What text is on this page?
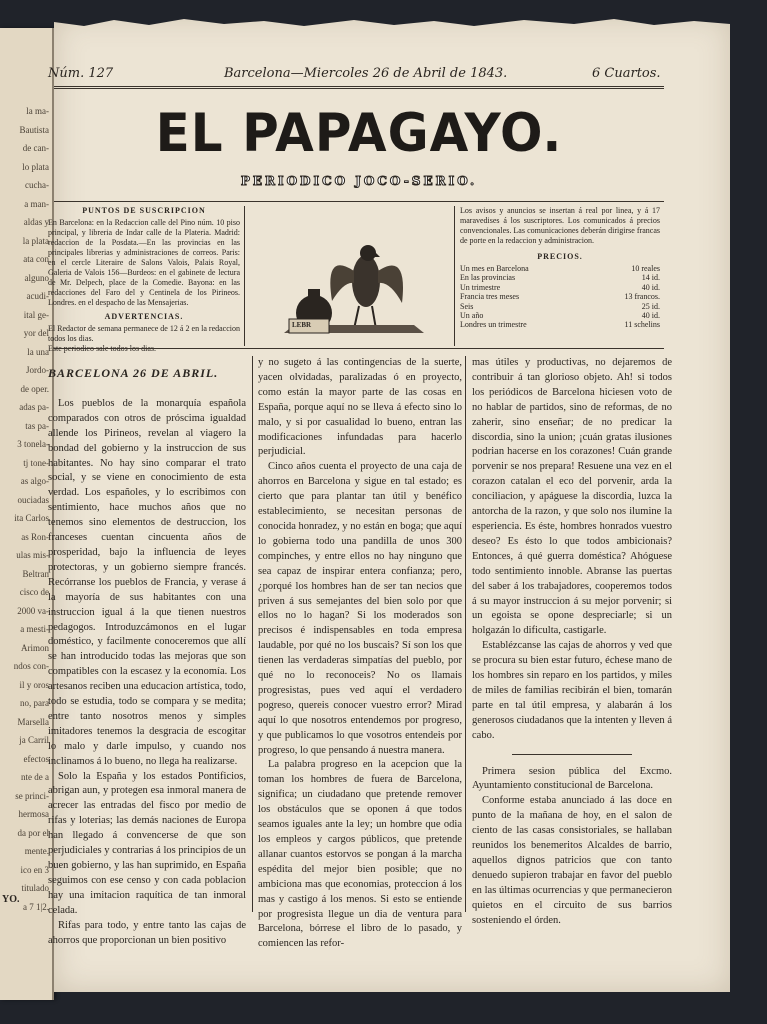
la ma-
Bautista
de can-
lo plata
cucha-
a man-
aldas y
la plata
ata con
alguno
acudi-
ital ge-
yor del
la una
Jordo-
de oper.
adas pa-
tas pa-
3 tonela-
tj tone-
as algo-
ouciadas
ita Carlos
as Ron-
ulas mis-
Beltran
cisco de
2000 va-
a mesti-
Arimon
ndos con-
il y oros
no, para
Marsella
ja Carril
efectos
nte de a
se princi-
hermosa
da por el
mente.
ico en 3
titulado
a 7 1|2.
YO.
Núm. 127	Barcelona—Miercoles 26 de Abril de 1843.	6 Cuartos.
EL PAPAGAYO.
PERIODICO JOCO-SERIO.
PUNTOS DE SUSCRIPCION

En Barcelona: en la Redaccion calle del Pino núm. 10 piso principal, y libreria de Indar calle de la Plateria. Madrid: redaccion de la Posdata.—En las provincias en las principales librerias y administraciones de correos. Paris: en el cercle Literaire de Salons Valois, Palais Royal, Galeria de Valois 156—Burdeos: en el gabinete de lectura de Mr. Delpech, place de la Comedie. Bayona: en las redacciones del Faro del y Centinela de los Pirineos. Londres. en el despacho de las Mensajerias.

ADVERTENCIAS.

El Redactor de semana permanece de 12 á 2 en la redaccion todos los dias.

Este periodico sale todos los dias.

LEBR

Los avisos y anuncios se insertan á real por linea, y á 17 maravedises á los suscriptores. Los comunicados á precios convencionales. Las comunicaciones deberán dirigirse francas de porte en la redaccion y administracion.

PRECIOS.
Un mes en Barcelona	10 reales
En las provincias	14 id.
Un trimestre	40 id.
Francia tres meses	13 francos.
Seis	25 id.
Un año	40 id.
Londres un trimestre	11 schelins
BARCELONA 26 DE ABRIL.

Los pueblos de la monarquía española comparados con otros de próscima igualdad allende los Pirineos, revelan al viagero la bondad del gobierno y la instruccion de sus habitantes. No hay sino comparar el trato social, y se viene en conocimiento de esta verdad. Los españoles, y lo escribimos con sentimiento, hace muchos años que no tenemos sino elementos de destruccion, los franceses cuentan cincuenta años de prosperidad, bajo la influencia de leyes protectoras, y un gobierno siempre francés. Recórranse los pueblos de Francia, y verase á la mayoría de sus habitantes con una instruccion igual á la que tienen nuestros pedagogos. Introduzcámonos en el lugar doméstico, y facilmente conoceremos que allí se han introducido todas las mejoras que son compatibles con la escasez y la economía. Los artesanos reciben una educacion artística, todo, todo se estudia, todo se compara y se medita; entre tanto nosotros menos y simples imitadores tenemos la desgracia de escogitar lo malo y darle impulso, y cuando nos inclinamos á lo bueno, no llega ha realizarse.

Solo la España y los estados Pontificios, abrigan aun, y protegen esa inmoral manera de acrecer las entradas del fisco por medio de rifas y loterias; las demás naciones de Europa han llegado á convencerse de que son perjudiciales y contrarias á los principios de un buen gobierno, y las han suprimido, en España seguimos con ese censo y con cada poblacion hay una imitacion raquítica de tan inmoral celada.

Rifas para todo, y entre tanto las cajas de ahorros que proporcionan un bien positivo

y no sugeto á las contingencias de la suerte, yacen olvidadas, paralizadas ó en proyecto, como están la mayor parte de las cosas en España, porque aquí no se lleva á efecto sino lo malo, y si por casualidad lo bueno, entran las modificaciones infundadas para hacerlo perjudicial.

Cinco años cuenta el proyecto de una caja de ahorros en Barcelona y sigue en tal estado; es cierto que para plantar tan útil y benéfico establecimiento, se necesitan personas de conocida honradez, y no están en boga; que aquí lo gobierna todo una pandilla de unos 300 compinches, y entre ellos no hay ninguno que sea capaz de inspirar entera confianza; pero, ¿porqué los hombres han de ser tan necios que priven á sus semejantes del bien solo por que ellos no lo hagan? Si los moderados son precisos é indispensables en toda empresa laudable, por qué no los buscais? Sí son los que tienen las verdaderas simpatías del pueblo, por qué no lo reconoceis? No os llamais progresistas, pues ved aquí el verdadero pogreso, quereis conocer vuestro error? Mirad aquí lo que nosotros entendemos por progreso, y que publicamos lo que vosotros entendeis por progreso, lo que pensando á nuestra manera.

La palabra progreso en la acepcion que la toman los hombres de fuera de Barcelona, significa; un ciudadano que pretende remover los obstáculos que se oponen á que todos seamos iguales ante la ley; un hombre que odia los empleos y cargos públicos, que pretende allanar cuantos estorvos se pongan á la marcha espédita del mejor bien posible; que no ambiciona mas que economias, proteccion á los mas y castigo á los menos. Si esto se entiende por progresista llegue un dia de ventura para Barcelona, bórrese el libro de lo pasado, y comiencen las refor-

mas útiles y productivas, no dejaremos de contribuir á tan glorioso objeto. Ah! si todos los periódicos de Barcelona hiciesen voto de no hablar de partidos, sino de reformas, de no zaherir, sino enseñar; de no predicar la discordia, sino la union; ¡cuán gratas ilusiones podrian hacerse en los corazones! Cuán grande porvenir se nos prepara! Resuene una vez en el corazon catalan el eco del porvenir, arda la conciliacion, y apáguese la discordia, luzca la antorcha de la razon, y que solo nos ilumine la esperiencia. Es éste, hombres honrados vuestro deseo? Es ésto lo que todos ambicionais? Entonces, á qué guerra doméstica? Ahóguese todo sentimiento innoble. Abranse las puertas del saber á los trabajadores, cooperemos todos á su mayor instruccion á su mejor porvenir; si un egoista se opone despreciarle; si un holgazán lo dificulta, castigarle.

Establézcanse las cajas de ahorros y ved que se procura su bien estar futuro, échese mano de los hombres sin reparo en los partidos, y miles de miles de familias recibirán el bien, tomarán parte en tal útil empresa, y alabarán á los generosos ciudadanos que la intenten y lleven á cabo.

Primera sesion pública del Excmo. Ayuntamiento constitucional de Barcelona.

Conforme estaba anunciado á las doce en punto de la mañana de hoy, en el salon de ciento de las casas consistoriales, se hallaban reunidos los benemeritos Alcaldes de barrio, aquellos dignos patricios que con tanto denuedo supieron trabajar en favor del pueblo en las últimas ocurrencias y que permanecieron quietos en el circuito de sus barrios sosteniendo el órden.
